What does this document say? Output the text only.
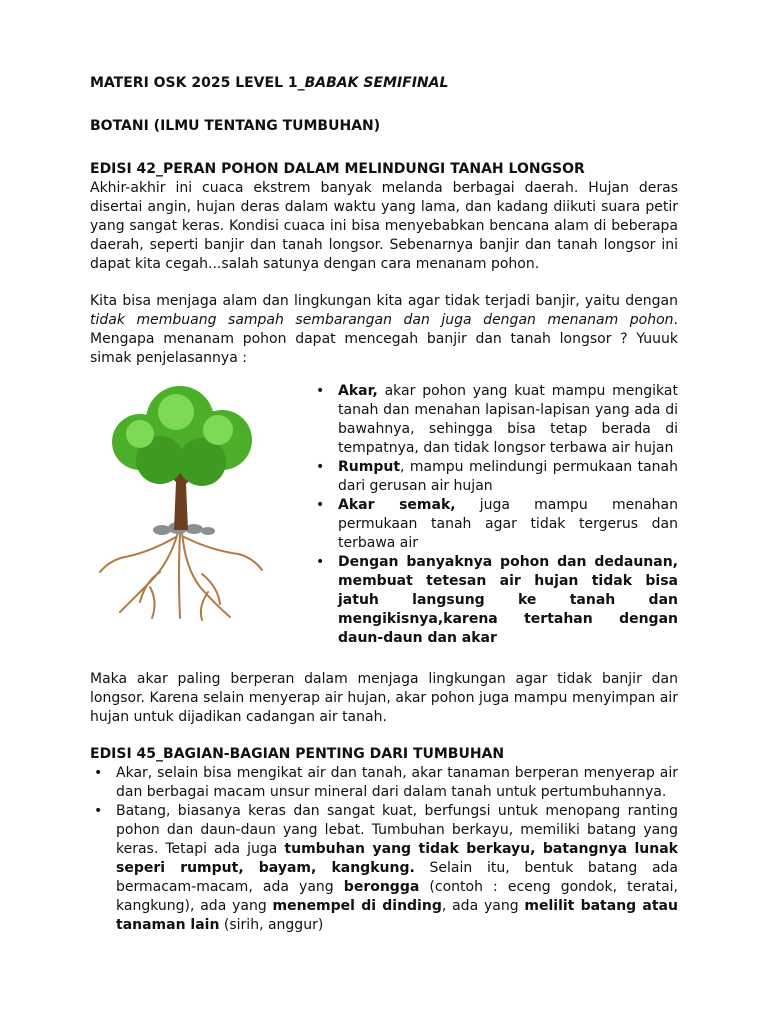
MATERI OSK 2025 LEVEL 1_BABAK SEMIFINAL

BOTANI (ILMU TENTANG TUMBUHAN)

EDISI 42_PERAN POHON DALAM MELINDUNGI TANAH LONGSOR

Akhir-akhir ini cuaca ekstrem banyak melanda berbagai daerah. Hujan deras disertai angin, hujan deras dalam waktu yang lama, dan kadang diikuti suara petir yang sangat keras. Kondisi cuaca ini bisa menyebabkan bencana alam di beberapa daerah, seperti banjir dan tanah longsor. Sebenarnya banjir dan tanah longsor ini dapat kita cegah...salah satunya dengan cara menanam pohon.

Kita bisa menjaga alam dan lingkungan kita agar tidak terjadi banjir, yaitu dengan tidak membuang sampah sembarangan dan juga dengan menanam pohon. Mengapa menanam pohon dapat mencegah banjir dan tanah longsor ? Yuuuk simak penjelasannya :

• Akar, akar pohon yang kuat mampu mengikat tanah dan menahan lapisan-lapisan yang ada di bawahnya, sehingga bisa tetap berada di tempatnya, dan tidak longsor terbawa air hujan
• Rumput, mampu melindungi permukaan tanah dari gerusan air hujan
• Akar semak, juga mampu menahan permukaan tanah agar tidak tergerus dan terbawa air
• Dengan banyaknya pohon dan dedaunan, membuat tetesan air hujan tidak bisa jatuh langsung ke tanah dan mengikisnya,karena tertahan dengan daun-daun dan akar

Maka akar paling berperan dalam menjaga lingkungan agar tidak banjir dan longsor. Karena selain menyerap air hujan, akar pohon juga mampu menyimpan air hujan untuk dijadikan cadangan air tanah.

EDISI 45_BAGIAN-BAGIAN PENTING DARI TUMBUHAN

• Akar, selain bisa mengikat air dan tanah, akar tanaman berperan menyerap air dan berbagai macam unsur mineral dari dalam tanah untuk pertumbuhannya.
• Batang, biasanya keras dan sangat kuat, berfungsi untuk menopang ranting pohon dan daun-daun yang lebat. Tumbuhan berkayu, memiliki batang yang keras. Tetapi ada juga tumbuhan yang tidak berkayu, batangnya lunak seperi rumput, bayam, kangkung. Selain itu, bentuk batang ada bermacam-macam, ada yang berongga (contoh : eceng gondok, teratai, kangkung), ada yang menempel di dinding, ada yang melilit batang atau tanaman lain (sirih, anggur)
